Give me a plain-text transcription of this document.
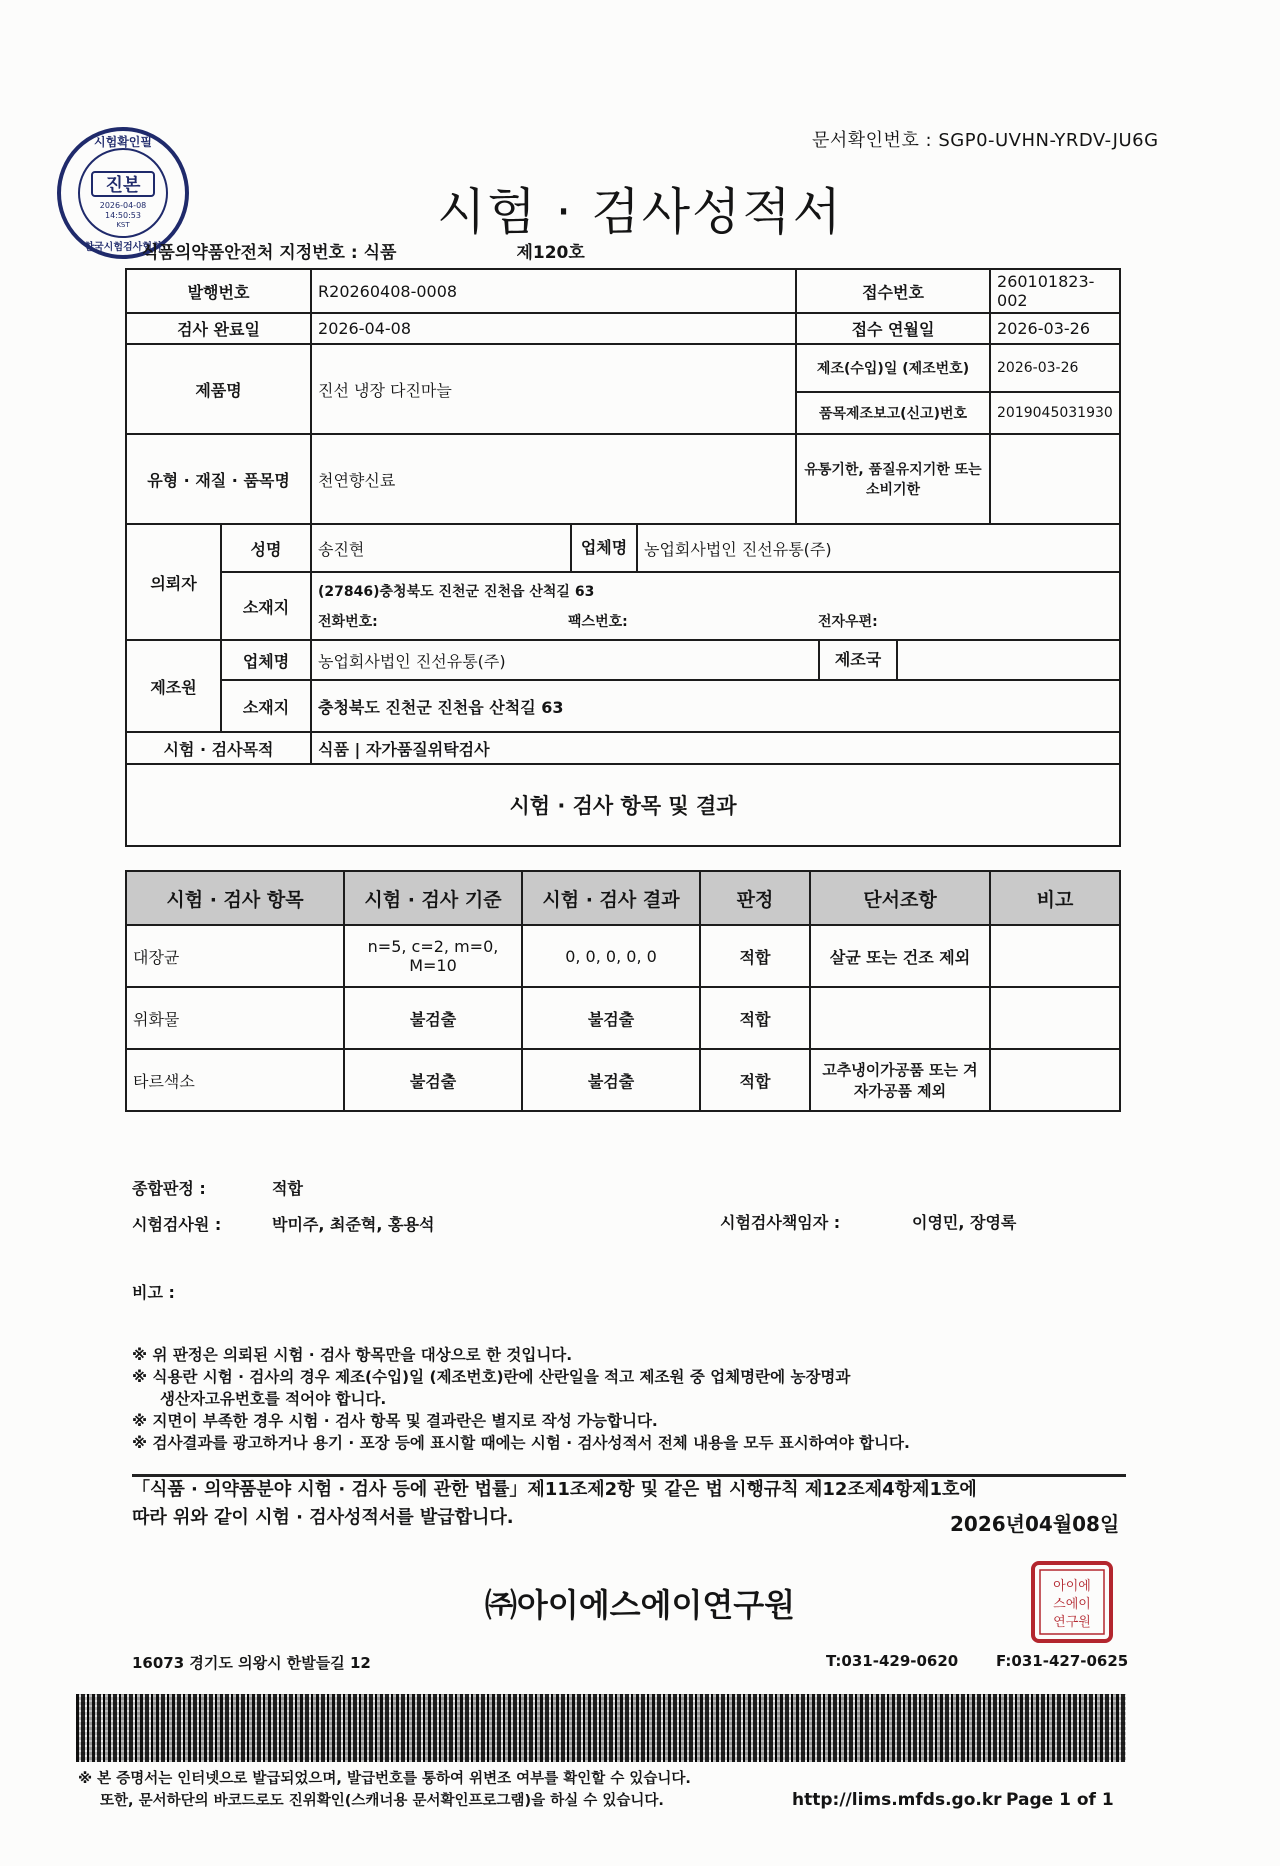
문서확인번호 : SGP0-UVHN-YRDV-JU6G
진본
2026-04-08
14:50:53
KST
시험확인필
한국시험검사협회
시험 · 검사성적서
식품의약품안전처 지정번호 : 식품	제120호
발행번호		R20260408-0008		접수번호	260101823-002
검사 완료일		2026-04-08		접수 연월일	2026-03-26
제품명		진선 냉장 다진마늘		제조(수입)일 (제조번호)	2026-03-26
				품목제조보고(신고)번호	2019045031930
유형 · 재질 · 품목명		천연향신료		유통기한, 품질유지기한 또는 소비기한	
의뢰자	성명	송진현	업체명 농업회사법인 진선유통(주)		

	소재지	(27846)충청북도 진천군 진천읍 산척길 63
전화번호: 팩스번호: 전자우편:			

제조원	업체명	농업회사법인 진선유통(주) 제조국			

	소재지	충청북도 진천군 진천읍 산척길 63			
시험 · 검사목적		식품 | 자가품질위탁검사			
시험 · 검사 항목 및 결과					
시험 · 검사 항목	시험 · 검사 기준	시험 · 검사 결과	판정	단서조항	비고
대장균	n=5, c=2, m=0, M=10	0, 0, 0, 0, 0	적합	살균 또는 건조 제외	
위화물	불검출	불검출	적합		
타르색소	불검출	불검출	적합	고추냉이가공품 또는 겨자가공품 제외	
종합판정 :	적합
시험검사원 :	박미주, 최준혁, 홍용석	시험검사책임자 :	이영민, 장영록
비고 :
※ 위 판정은 의뢰된 시험 · 검사 항목만을 대상으로 한 것입니다.
※ 식용란 시험 · 검사의 경우 제조(수입)일 (제조번호)란에 산란일을 적고 제조원 중 업체명란에 농장명과
생산자고유번호를 적어야 합니다.
※ 지면이 부족한 경우 시험 · 검사 항목 및 결과란은 별지로 작성 가능합니다.
※ 검사결과를 광고하거나 용기 · 포장 등에 표시할 때에는 시험 · 검사성적서 전체 내용을 모두 표시하여야 합니다.
「식품 · 의약품분야 시험 · 검사 등에 관한 법률」제11조제2항 및 같은 법 시행규칙 제12조제4항제1호에
따라 위와 같이 시험 · 검사성적서를 발급합니다.	2026년04월08일
㈜아이에스에이연구원	아이에
스에이
연구원
16073 경기도 의왕시 한발들길 12	T:031-429-0620	F:031-427-0625
※ 본 증명서는 인터넷으로 발급되었으며, 발급번호를 통하여 위변조 여부를 확인할 수 있습니다.
또한, 문서하단의 바코드로도 진위확인(스캐너용 문서확인프로그램)을 하실 수 있습니다.	http://lims.mfds.go.kr Page 1 of 1
